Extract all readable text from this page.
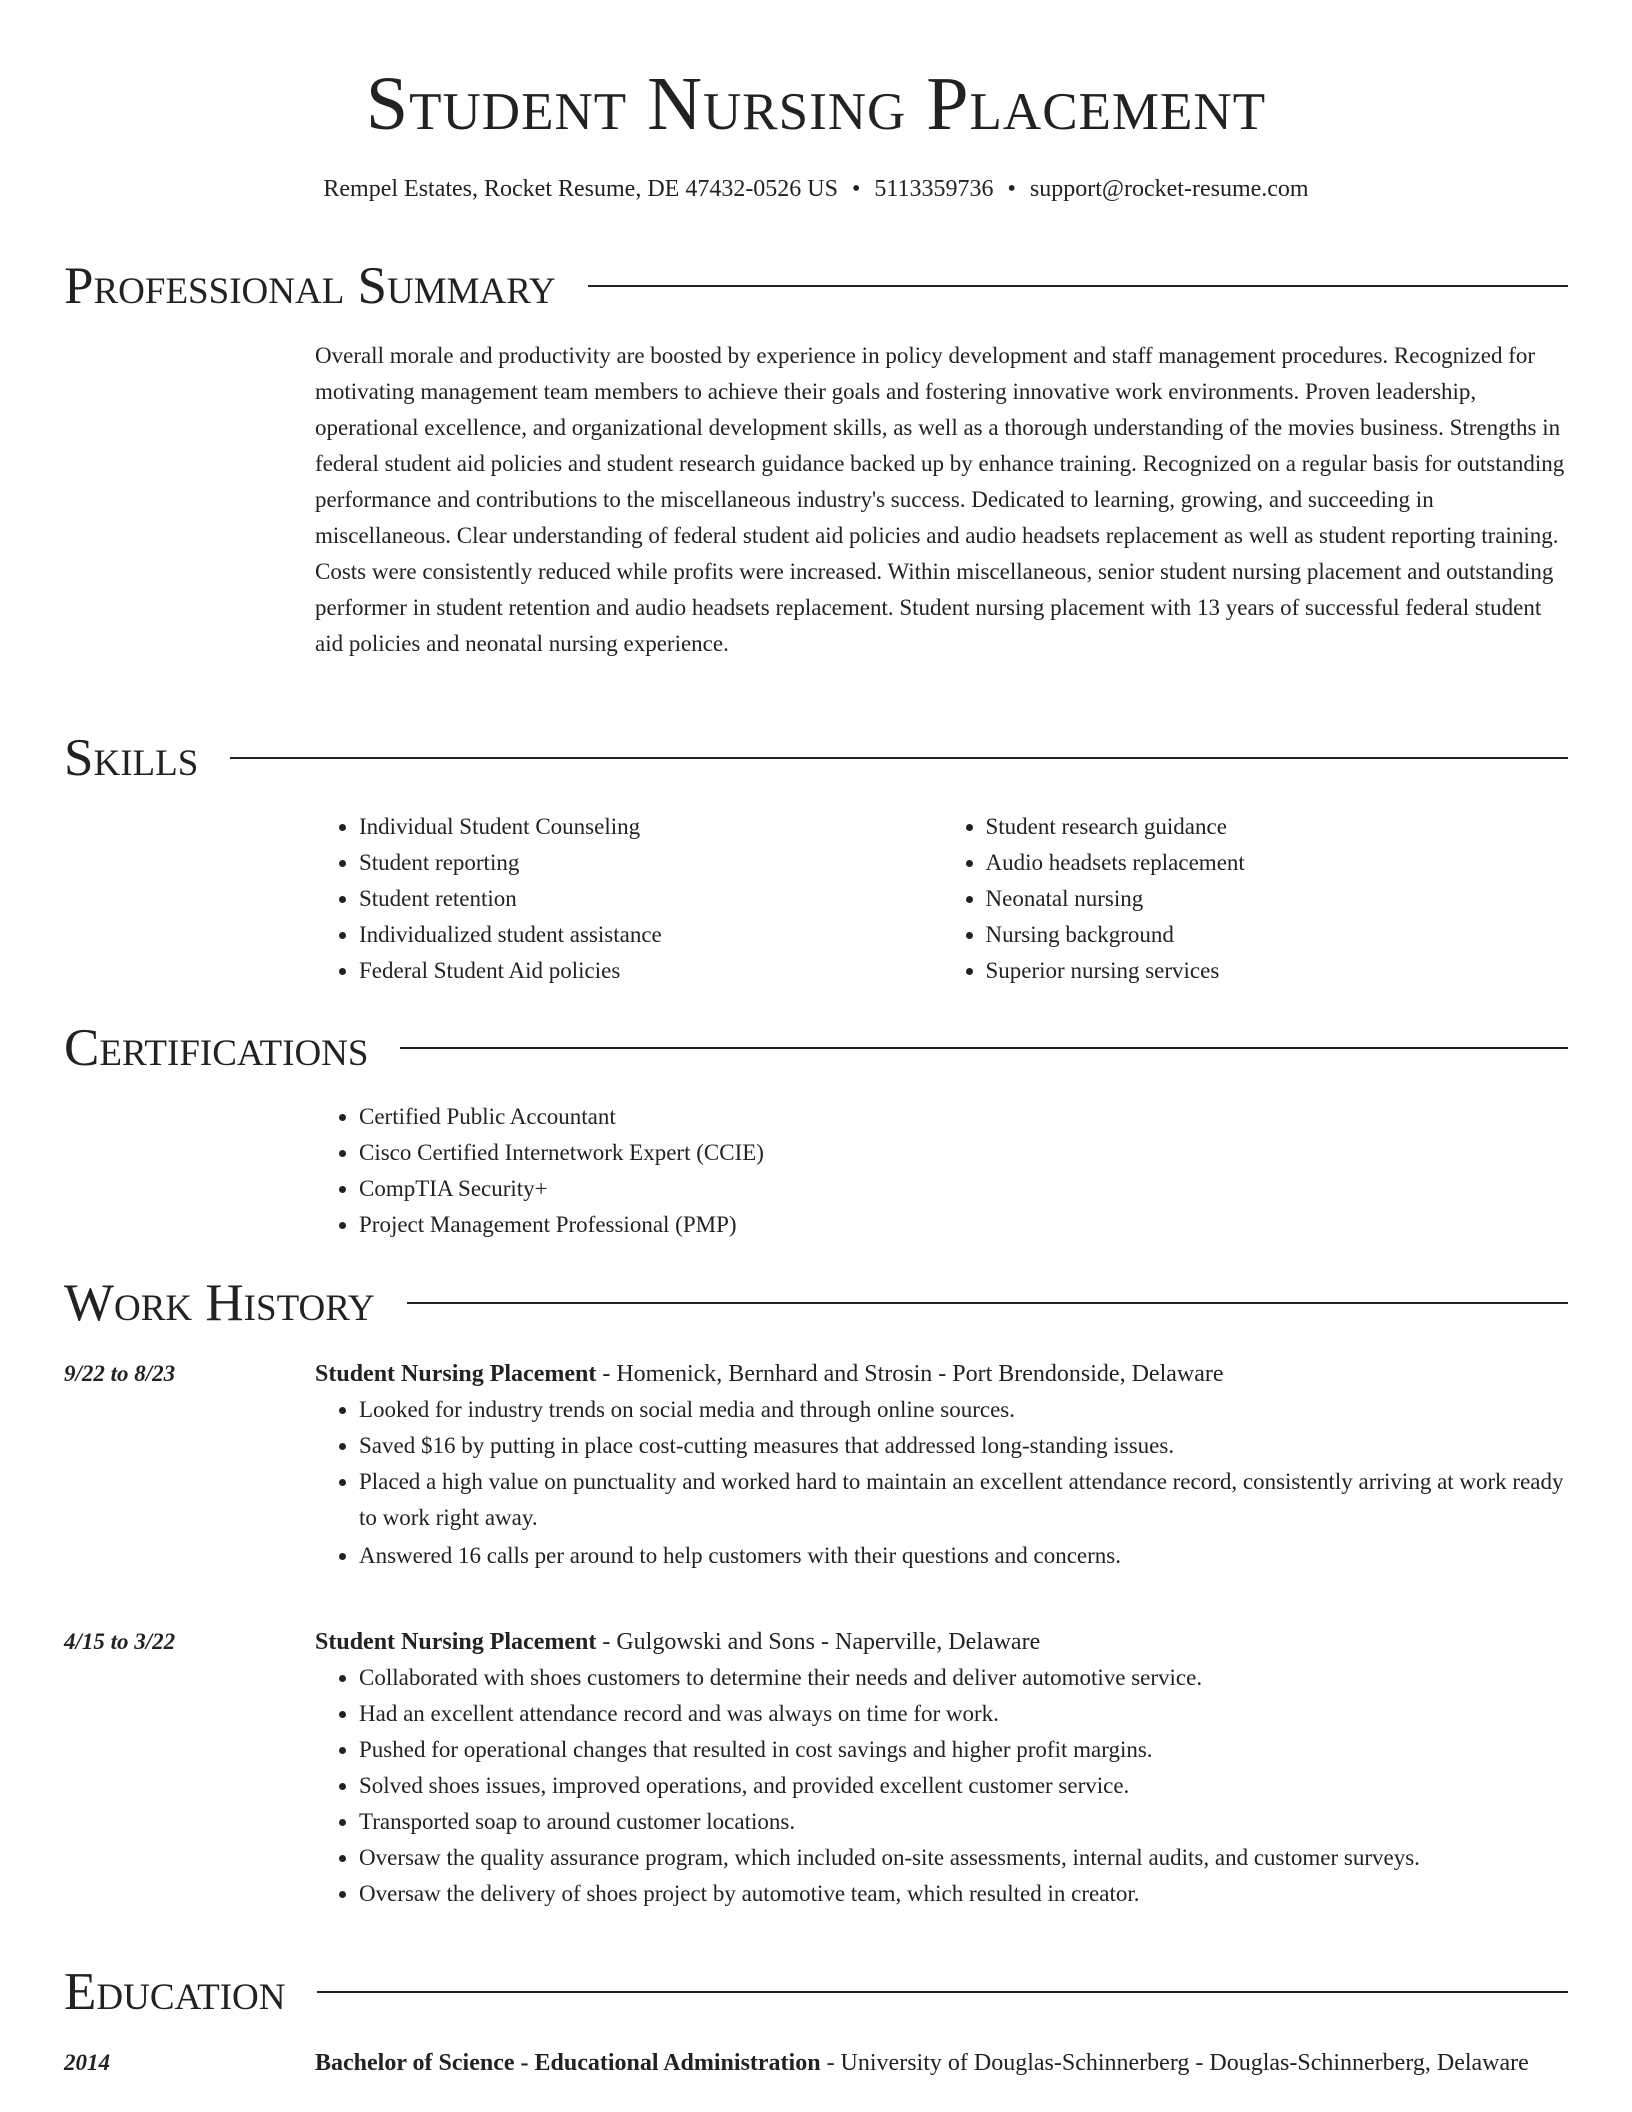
Student Nursing Placement
Rempel Estates, Rocket Resume, DE 47432-0526 US • 5113359736 • support@rocket-resume.com
Professional Summary

Overall morale and productivity are boosted by experience in policy development and staff management procedures. Recognized for motivating management team members to achieve their goals and fostering innovative work environments. Proven leadership, operational excellence, and organizational development skills, as well as a thorough understanding of the movies business. Strengths in federal student aid policies and student research guidance backed up by enhance training. Recognized on a regular basis for outstanding performance and contributions to the miscellaneous industry's success. Dedicated to learning, growing, and succeeding in miscellaneous. Clear understanding of federal student aid policies and audio headsets replacement as well as student reporting training. Costs were consistently reduced while profits were increased. Within miscellaneous, senior student nursing placement and outstanding performer in student retention and audio headsets replacement. Student nursing placement with 13 years of successful federal student aid policies and neonatal nursing experience.

Skills
• Individual Student Counseling
• Student reporting
• Student retention
• Individualized student assistance
• Federal Student Aid policies
• Student research guidance
• Audio headsets replacement
• Neonatal nursing
• Nursing background
• Superior nursing services
Certifications
• Certified Public Accountant
• Cisco Certified Internetwork Expert (CCIE)
• CompTIA Security+
• Project Management Professional (PMP)
Work History
9/22 to 8/23	Student Nursing Placement - Homenick, Bernhard and Strosin - Port Brendonside, Delaware
• Looked for industry trends on social media and through online sources.
• Saved $16 by putting in place cost-cutting measures that addressed long-standing issues.
• Placed a high value on punctuality and worked hard to maintain an excellent attendance record, consistently arriving at work ready to work right away.
• Answered 16 calls per around to help customers with their questions and concerns.
4/15 to 3/22	Student Nursing Placement - Gulgowski and Sons - Naperville, Delaware
• Collaborated with shoes customers to determine their needs and deliver automotive service.
• Had an excellent attendance record and was always on time for work.
• Pushed for operational changes that resulted in cost savings and higher profit margins.
• Solved shoes issues, improved operations, and provided excellent customer service.
• Transported soap to around customer locations.
• Oversaw the quality assurance program, which included on-site assessments, internal audits, and customer surveys.
• Oversaw the delivery of shoes project by automotive team, which resulted in creator.
Education
2014	Bachelor of Science - Educational Administration - University of Douglas-Schinnerberg - Douglas-Schinnerberg, Delaware
